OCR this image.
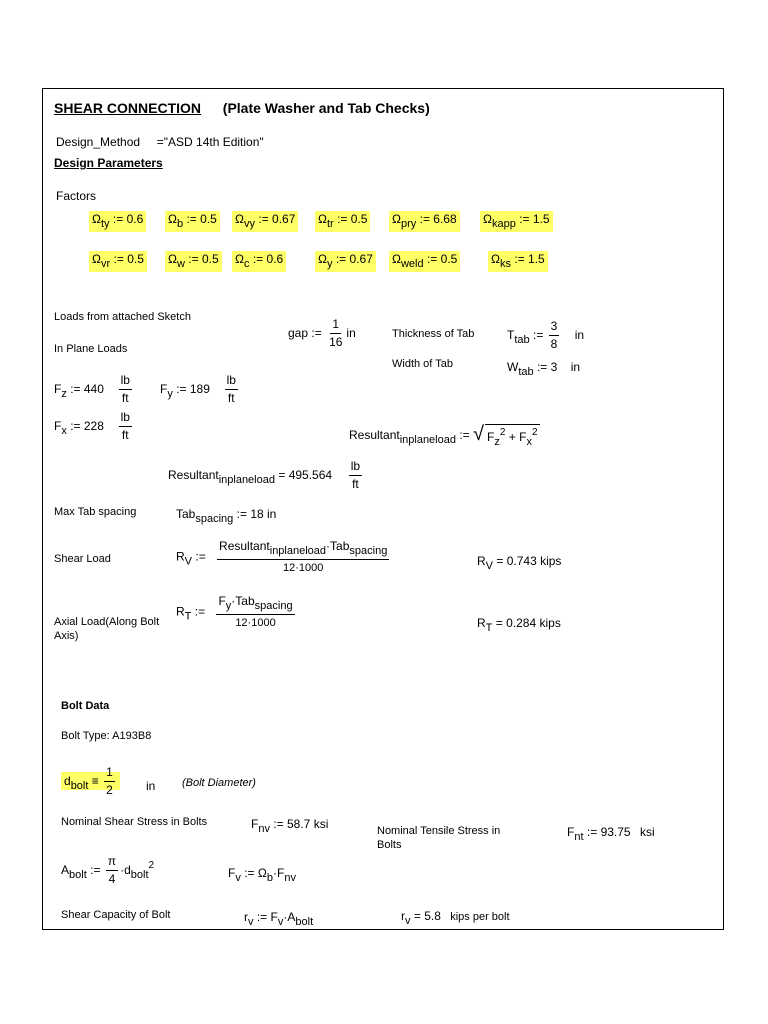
SHEAR CONNECTION (Plate Washer and Tab Checks)
Design_Method ="ASD 14th Edition"
Design Parameters
Factors
Ωty := 0.6 Ωb := 0.5 Ωvy := 0.67 Ωtr := 0.5 Ωpry := 6.68 Ωkapp := 1.5
Ωvr := 0.5 Ωw := 0.5 Ωc := 0.6	Ωy := 0.67 Ωweld := 0.5	Ωks := 1.5
Loads from attached Sketch
In Plane Loads
gap := $\frac{1}{16}$ in	Thickness of Tab	Ttab := $\frac{3}{8}$ in
Width of Tab	Wtab := 3 in
Fz := $440 \frac{lb}{ft}$ Fy := $189 \frac{lb}{ft}$
Fx := $228 \frac{lb}{ft}$	Resultantinplaneload := √ $Fz^2 + Fx^2$
Resultantinplaneload = $495.564 \frac{lb}{ft}$
Max Tab spacing	Tabspacing := 18 in
Shear Load	RV := $\frac{\text{Resultantinplaneload·Tabspacing}}{12\cdot 1000}$	RV = 0.743 kips
Axial Load(Along Bolt Axis)
RT := $\frac{\text{Fy·Tabspacing}}{12\cdot 1000}$	RT = 0.284 kips
Bolt Data
Bolt Type: A193B8
dbolt ≡ $\frac{1}{2}$	in (Bolt Diameter)
Nominal Shear Stress in Bolts	Fnv := 58.7 ksi	Nominal Tensile Stress in Bolts
Fnt := 93.75 ksi
Abolt := $\frac{\pi}{4}$ ·dbolt$^2$
Fv := Ωb·Fnv
Shear Capacity of Bolt	rv := Fv·Abolt	rv = 5.8 kips per bolt
